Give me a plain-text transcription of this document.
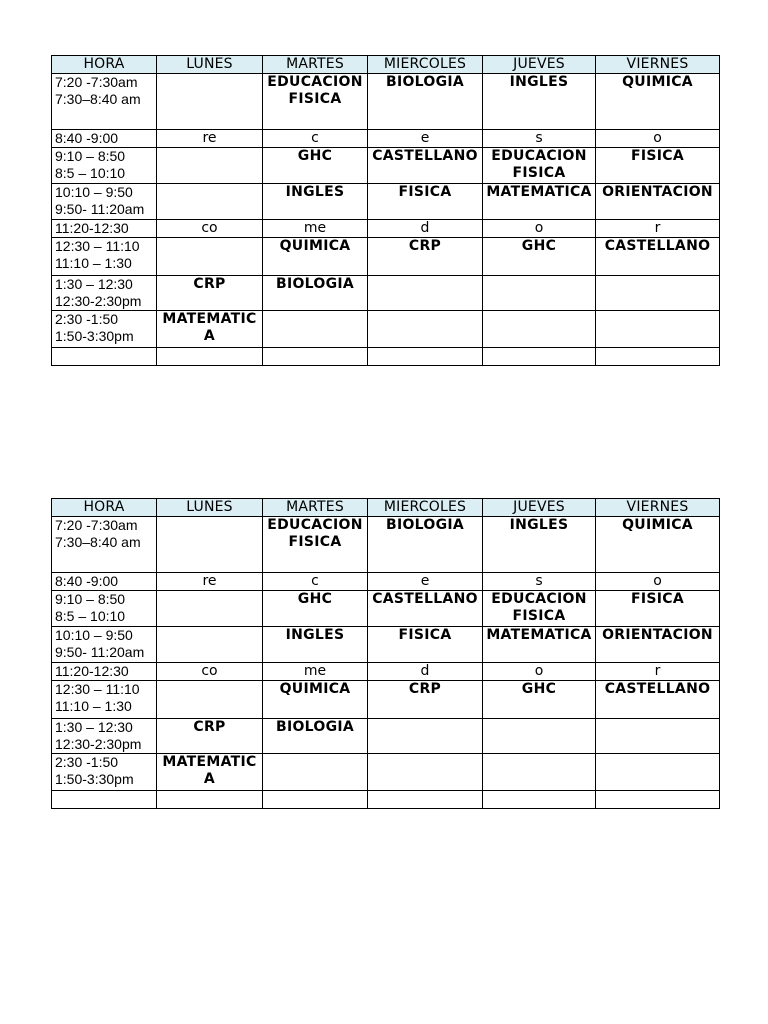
HORA	LUNES	MARTES	MIERCOLES	JUEVES	VIERNES

7:20 -7:30am
7:30–8:40 am		EDUCACION FISICA	BIOLOGIA	INGLES	QUIMICA

8:40 -9:00	re	c	e	s	o

9:10 – 8:50
8:5 – 10:10		GHC	CASTELLANO	EDUCACION FISICA	FISICA

10:10 – 9:50
9:50- 11:20am		INGLES	FISICA	MATEMATICA	ORIENTACION

11:20-12:30	co	me	d	o	r

12:30 – 11:10
11:10 – 1:30		QUIMICA	CRP	GHC	CASTELLANO

1:30 – 12:30
12:30-2:30pm	CRP	BIOLOGIA			

2:30 -1:50
1:50-3:30pm	MATEMATICA				

HORA	LUNES	MARTES	MIERCOLES	JUEVES	VIERNES

7:20 -7:30am
7:30–8:40 am		EDUCACION FISICA	BIOLOGIA	INGLES	QUIMICA

8:40 -9:00	re	c	e	s	o

9:10 – 8:50
8:5 – 10:10		GHC	CASTELLANO	EDUCACION FISICA	FISICA

10:10 – 9:50
9:50- 11:20am		INGLES	FISICA	MATEMATICA	ORIENTACION

11:20-12:30	co	me	d	o	r

12:30 – 11:10
11:10 – 1:30		QUIMICA	CRP	GHC	CASTELLANO

1:30 – 12:30
12:30-2:30pm	CRP	BIOLOGIA			

2:30 -1:50
1:50-3:30pm	MATEMATICA				
